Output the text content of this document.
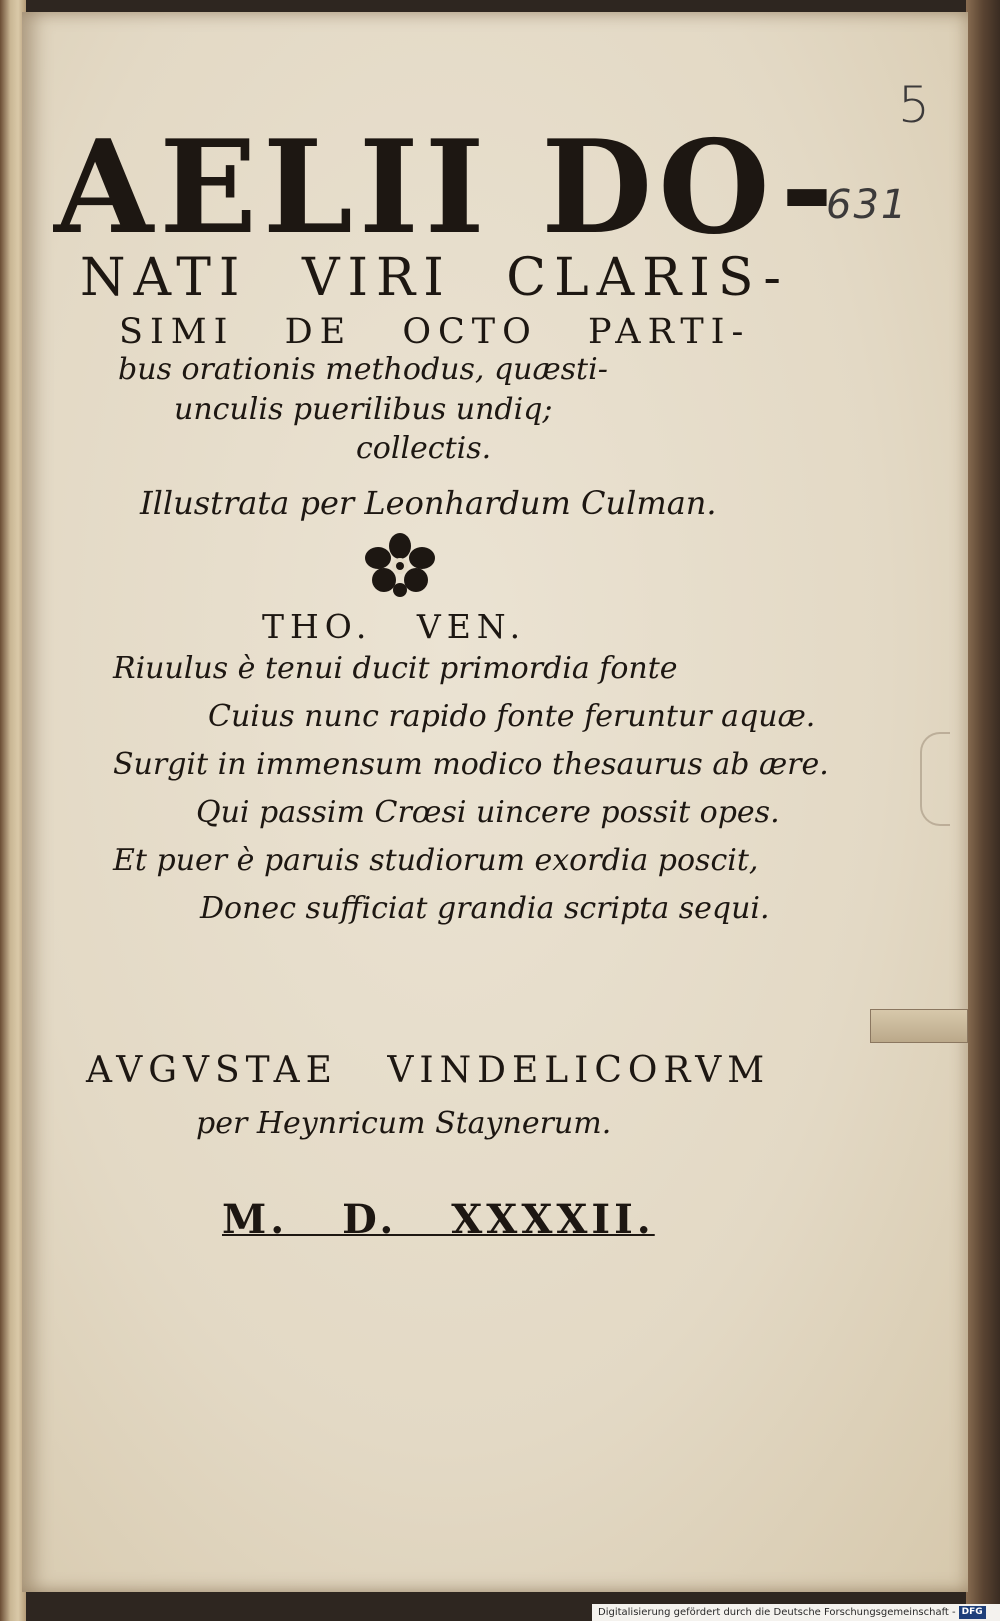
AELII DO-

NATI VIRI CLARIS-

SIMI DE OCTO PARTI-

bus orationis methodus, quæsti-

unculis puerilibus undiq;

collectis.

Illustrata per Leonhardum Culman.

THO. VEN.

Riuulus è tenui ducit primordia fonte

Cuius nunc rapido fonte feruntur aquæ.

Surgit in immensum modico thesaurus ab ære.

Qui passim Crœsi uincere possit opes.

Et puer è paruis studiorum exordia poscit,

Donec sufficiat grandia scripta sequi.

AVGVSTAE VINDELICORVM

per Heynricum Staynerum.

M. D. XXXXII.

5
631
Digitalisierung gefördert durch die Deutsche Forschungsgemeinschaft - DFG
